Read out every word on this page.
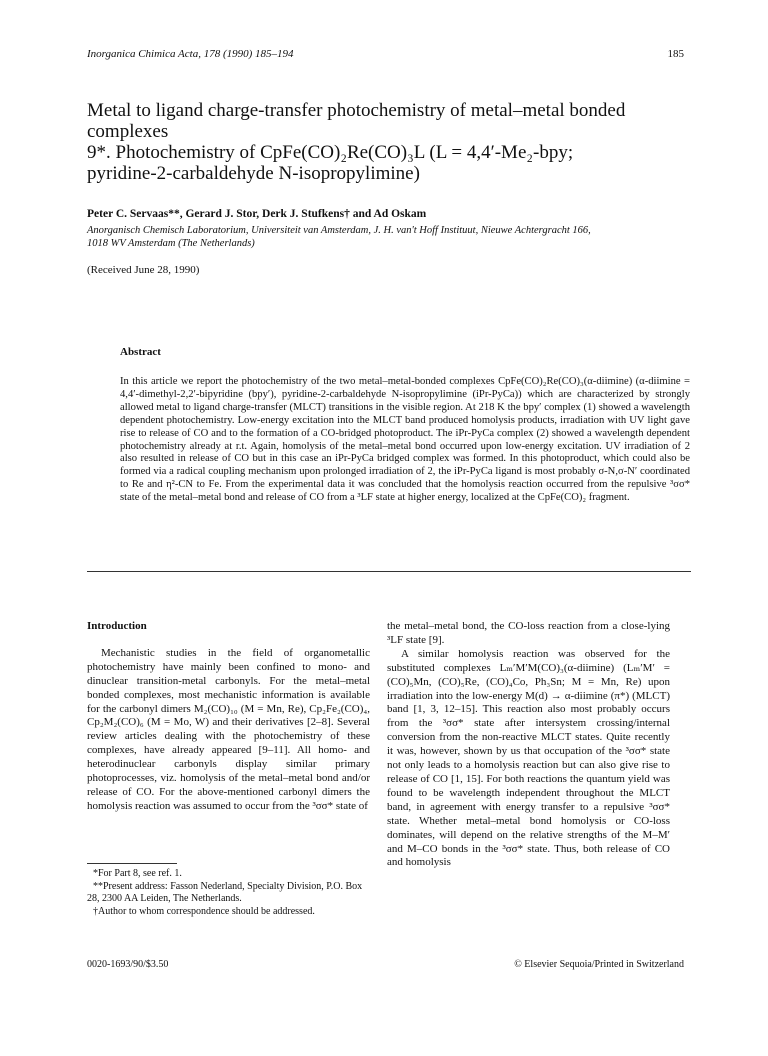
Inorganica Chimica Acta, 178 (1990) 185–194	185
Metal to ligand charge-transfer photochemistry of metal–metal bonded
complexes
9*. Photochemistry of CpFe(CO)₂Re(CO)₃L (L = 4,4′-Me₂-bpy;
pyridine-2-carbaldehyde N-isopropylimine)
Peter C. Servaas**, Gerard J. Stor, Derk J. Stufkens† and Ad Oskam
Anorganisch Chemisch Laboratorium, Universiteit van Amsterdam, J. H. van't Hoff Instituut, Nieuwe Achtergracht 166,
1018 WV Amsterdam (The Netherlands)
(Received June 28, 1990)
Abstract
In this article we report the photochemistry of the two metal–metal-bonded complexes CpFe(CO)₂Re(CO)₃(α-diimine) (α-diimine = 4,4′-dimethyl-2,2′-bipyridine (bpy′), pyridine-2-carbaldehyde N-isopropylimine (iPr-PyCa)) which are characterized by strongly allowed metal to ligand charge-transfer (MLCT) transitions in the visible region. At 218 K the bpy′ complex (1) showed a wavelength dependent photochemistry. Low-energy excitation into the MLCT band produced homolysis products, irradiation with UV light gave rise to release of CO and to the formation of a CO-bridged photoproduct. The iPr-PyCa complex (2) showed a wavelength dependent photochemistry already at r.t. Again, homolysis of the metal–metal bond occurred upon low-energy excitation. UV irradiation of 2 also resulted in release of CO but in this case an iPr-PyCa bridged complex was formed. In this photoproduct, which could also be formed via a radical coupling mechanism upon prolonged irradiation of 2, the iPr-PyCa ligand is most probably σ-N,σ-N′ coordinated to Re and η²-CN to Fe. From the experimental data it was concluded that the homolysis reaction occurred from the repulsive ³σσ* state of the metal–metal bond and release of CO from a ³LF state at higher energy, localized at the CpFe(CO)₂ fragment.
Introduction

Mechanistic studies in the field of organometallic photochemistry have mainly been confined to mono- and dinuclear transition-metal carbonyls. For the metal–metal bonded complexes, most mechanistic information is available for the carbonyl dimers M₂(CO)₁₀ (M = Mn, Re), Cp₂Fe₂(CO)₄, Cp₂M₂(CO)₆ (M = Mo, W) and their derivatives [2–8]. Several review articles dealing with the photochemistry of these complexes, have already appeared [9–11]. All homo- and heterodinuclear carbonyls display similar primary photoprocesses, viz. homolysis of the metal–metal bond and/or release of CO. For the above-mentioned carbonyl dimers the homolysis reaction was assumed to occur from the ³σσ* state of

the metal–metal bond, the CO-loss reaction from a close-lying ³LF state [9].

A similar homolysis reaction was observed for the substituted complexes Lₘ′M′M(CO)₃(α-diimine) (Lₘ′M′ = (CO)₅Mn, (CO)₅Re, (CO)₄Co, Ph₃Sn; M = Mn, Re) upon irradiation into the low-energy M(d) → α-diimine (π*) (MLCT) band [1, 3, 12–15]. This reaction also most probably occurs from the ³σσ* state after intersystem crossing/internal conversion from the non-reactive MLCT states. Quite recently it was, however, shown by us that occupation of the ³σσ* state not only leads to a homolysis reaction but can also give rise to release of CO [1, 15]. For both reactions the quantum yield was found to be wavelength independent throughout the MLCT band, in agreement with energy transfer to a repulsive ³σσ* state. Whether metal–metal bond homolysis or CO-loss dominates, will depend on the relative strengths of the M–M′ and M–CO bonds in the ³σσ* state. Thus, both release of CO and homolysis

*For Part 8, see ref. 1.
**Present address: Fasson Nederland, Specialty Division, P.O. Box 28, 2300 AA Leiden, The Netherlands.
†Author to whom correspondence should be addressed.
0020-1693/90/$3.50	© Elsevier Sequoia/Printed in Switzerland
